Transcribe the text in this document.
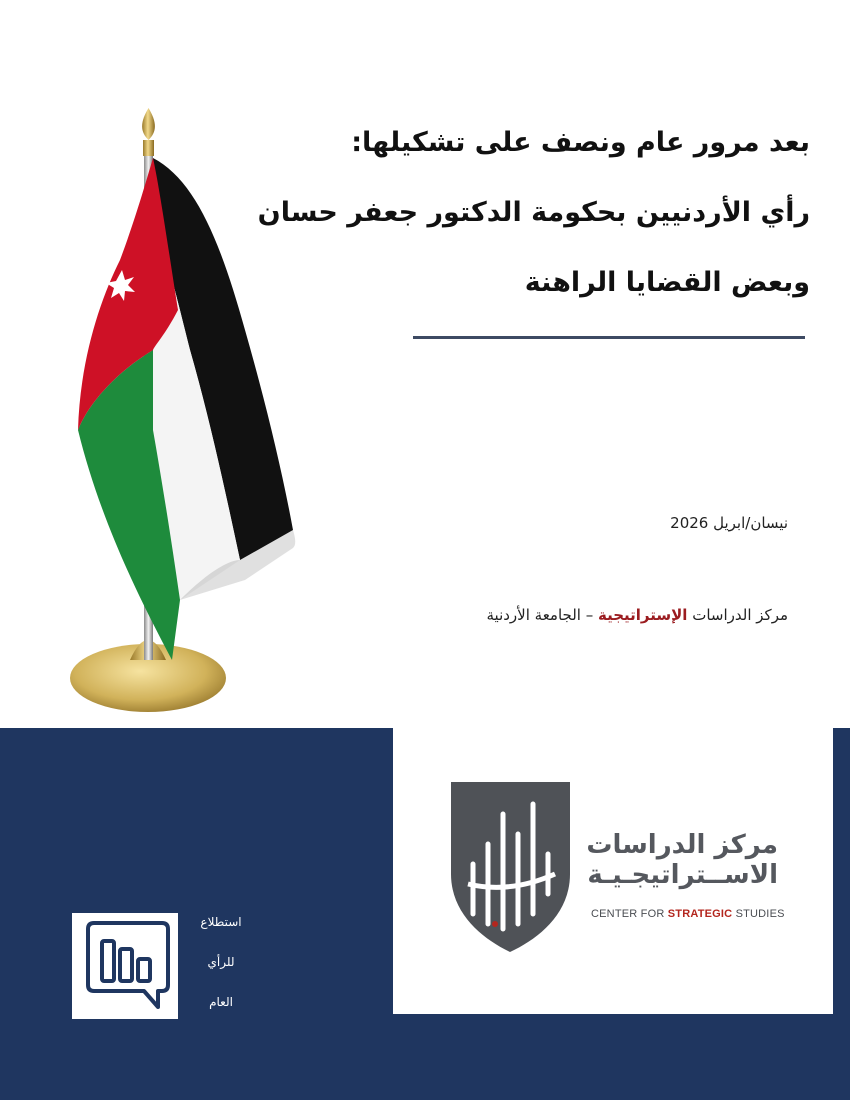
بعد مرور عام ونصف على تشكيلها:
رأي الأردنيين بحكومة الدكتور جعفر حسان
وبعض القضايا الراهنة
نيسان/ابريل 2026
مركز الدراسات الإستراتيجية – الجامعة الأردنية
مركز الدراسات
الاســتراتيجـيـة
CENTER FOR STRATEGIC STUDIES
استطلاع
للرأي
العام
